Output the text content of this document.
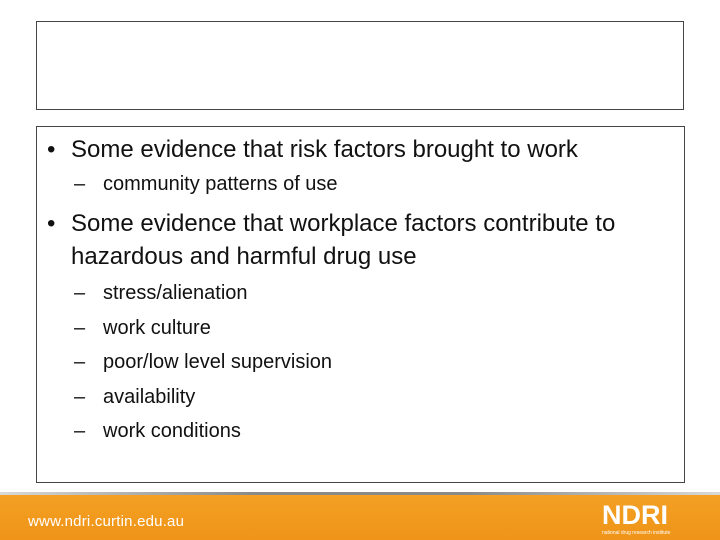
• Some evidence that risk factors brought to work
– community patterns of use
• Some evidence that workplace factors contribute to hazardous and harmful drug use
– stress/alienation
– work culture
– poor/low level supervision
– availability
– work conditions
www.ndri.curtin.edu.au	NDRI
national drug research institute
